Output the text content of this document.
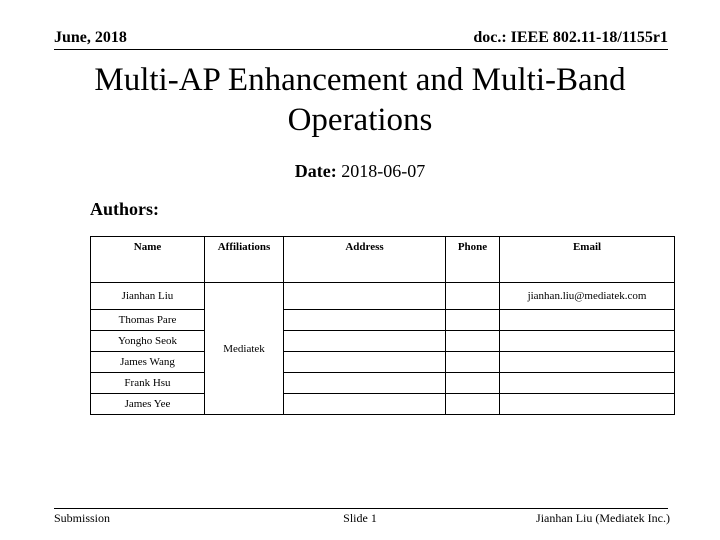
June, 2018	doc.: IEEE 802.11-18/1155r1
Multi-AP Enhancement and Multi-Band Operations
Date: 2018-06-07
Authors:
Name	Affiliations	Address	Phone	Email
Jianhan Liu	Mediatek			jianhan.liu@mediatek.com
Thomas Pare				
Yongho Seok				
James Wang				
Frank Hsu				
James Yee				
Submission	Slide 1	Jianhan Liu (Mediatek Inc.)
